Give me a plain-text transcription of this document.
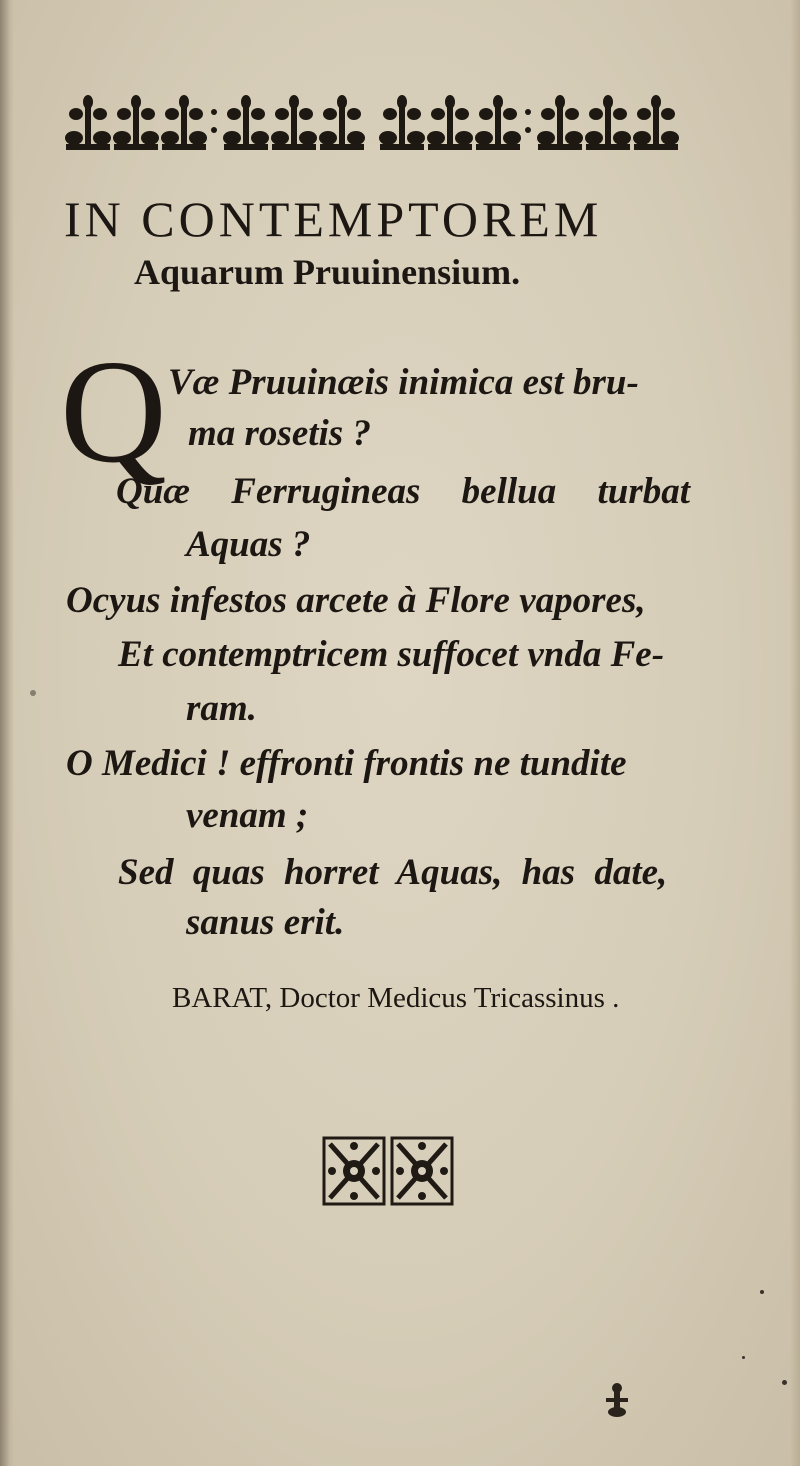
IN CONTEMPTOREM
Aquarum Pruuinensium.
Q Væ Pruuinæis inimica est bru-
ma rosetis ?
Quæ Ferrugineas bellua turbat
Aquas ?
Ocyus infestos arcete à Flore vapores,
Et contemptricem suffocet vnda Fe-
ram.
O Medici ! effronti frontis ne tundite
venam ;
Sed quas horret Aquas, has date,
sanus erit.

BARAT, Doctor Medicus Tricassinus .
